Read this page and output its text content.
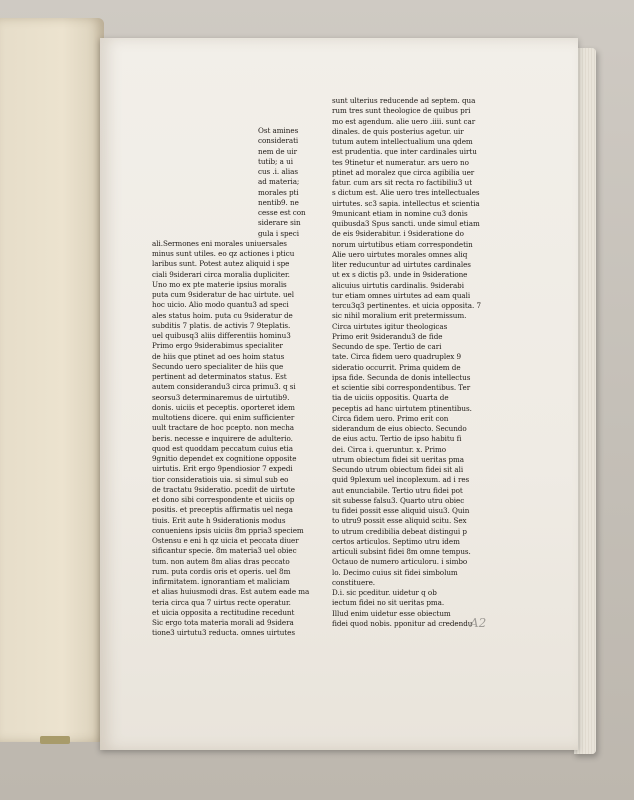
Ost amines
considerati
nem de uir
tutib; a ui
cus .i. alias
ad materia;
morales pti
nentib9. ne
cesse est con
siderare sin
gula i speci
ali.Sermones eni morales uniuersales
minus sunt utiles. eo qz actiones i pticu
laribus sunt. Potest autez aliquid i spe
ciali 9siderari circa moralia dupliciter.
Uno mo ex pte materie ipsius moralis
puta cum 9sideratur de hac uirtute. uel
hoc uicio. Alio modo quantu3 ad speci
ales status hoim. puta cu 9sideratur de
subditis 7 platis. de activis 7 9teplatis.
uel quibusq3 aliis differentiis hominu3
Primo ergo 9siderabimus specialiter
de hiis que ptinet ad oes hoim status
Secundo uero specialiter de hiis que
pertinent ad determinatos status. Est
autem considerandu3 circa primu3. q si
seorsu3 determinaremus de uirtutib9.
donis. uiciis et peceptis. oporteret idem
multotiens dicere. qui enim sufficienter
uult tractare de hoc pcepto. non mecha
beris. necesse e inquirere de adulterio.
quod est quoddam peccatum cuius etia
9gnitio dependet ex cognitione opposite
uirtutis. Erit ergo 9pendiosior 7 expedi
tior consideratiois uia. si simul sub eo
de tractatu 9sideratio. pcedit de uirtute
et dono sibi correspondente et uiciis op
positis. et preceptis affirmatis uel nega
tiuis. Erit aute h 9siderationis modus
conueniens ipsis uiciis 8m ppria3 speciem
Ostensu e eni h qz uicia et peccata diuer
sificantur specie. 8m materia3 uel obiec
tum. non autem 8m alias dras peccato
rum. puta cordis oris et operis. uel 8m
infirmitatem. ignorantiam et maliciam
et alias huiusmodi dras. Est autem eade ma
teria circa qua 7 uirtus recte operatur.
et uicia opposita a rectitudine recedunt
Sic ergo tota materia morali ad 9sidera
tione3 uirtutu3 reducta. omnes uirtutes
sunt ulterius reducende ad septem. qua
rum tres sunt theologice de quibus pri
mo est agendum. alie uero .iiii. sunt car
dinales. de quis posterius agetur. uir
tutum autem intellectualium una qdem
est prudentia. que inter cardinales uirtu
tes 9tinetur et numeratur. ars uero no
ptinet ad moralez que circa agibilia uer
fatur. cum ars sit recta ro factibiliu3 ut
s dictum est. Alie uero tres intellectuales
uirtutes. sc3 sapia. intellectus et scientia
9municant etiam in nomine cu3 donis
quibusda3 Spus sancti. unde simul etiam
de eis 9siderabitur. i 9sideratione do
norum uirtutibus etiam correspondetin
Alie uero uirtutes morales omnes aliq
liter reducuntur ad uirtutes cardinales
ut ex s dictis p3. unde in 9sideratione
alicuius uirtutis cardinalis. 9siderabi
tur etiam omnes uirtutes ad eam quali
tercu3q3 pertinentes. et uicia opposita. 7
sic nihil moralium erit pretermissum.
Circa uirtutes igitur theologicas
Primo erit 9siderandu3 de fide
Secundo de spe. Tertio de cari
tate. Circa fidem uero quadruplex 9
sideratio occurrit. Prima quidem de
ipsa fide. Secunda de donis intellectus
et scientie sibi correspondentibus. Ter
tia de uiciis oppositis. Quarta de
peceptis ad hanc uirtutem ptinentibus.
Circa fidem uero. Primo erit con
siderandum de eius obiecto. Secundo
de eius actu. Tertio de ipso habitu fi
dei. Circa i. queruntur. x. Primo
utrum obiectum fidei sit ueritas pma
Secundo utrum obiectum fidei sit ali
quid 9plexum uel incoplexum. ad i res
aut enunciabile. Tertio utru fidei pot
sit subesse falsu3. Quarto utru obiec
tu fidei possit esse aliquid uisu3. Quin
to utru9 possit esse aliquid scitu. Sex
to utrum credibilia debeat distingui p
certos articulos. Septimo utru idem
articuli subsint fidei 8m omne tempus.
Octauo de numero articuloru. i simbo
lo. Decimo cuius sit fidei simbolum
constituere.
D.i. sic pceditur. uidetur q ob
iectum fidei no sit ueritas pma.
Illud enim uidetur esse obiectum
fidei quod nobis. pponitur ad credendu
A2
